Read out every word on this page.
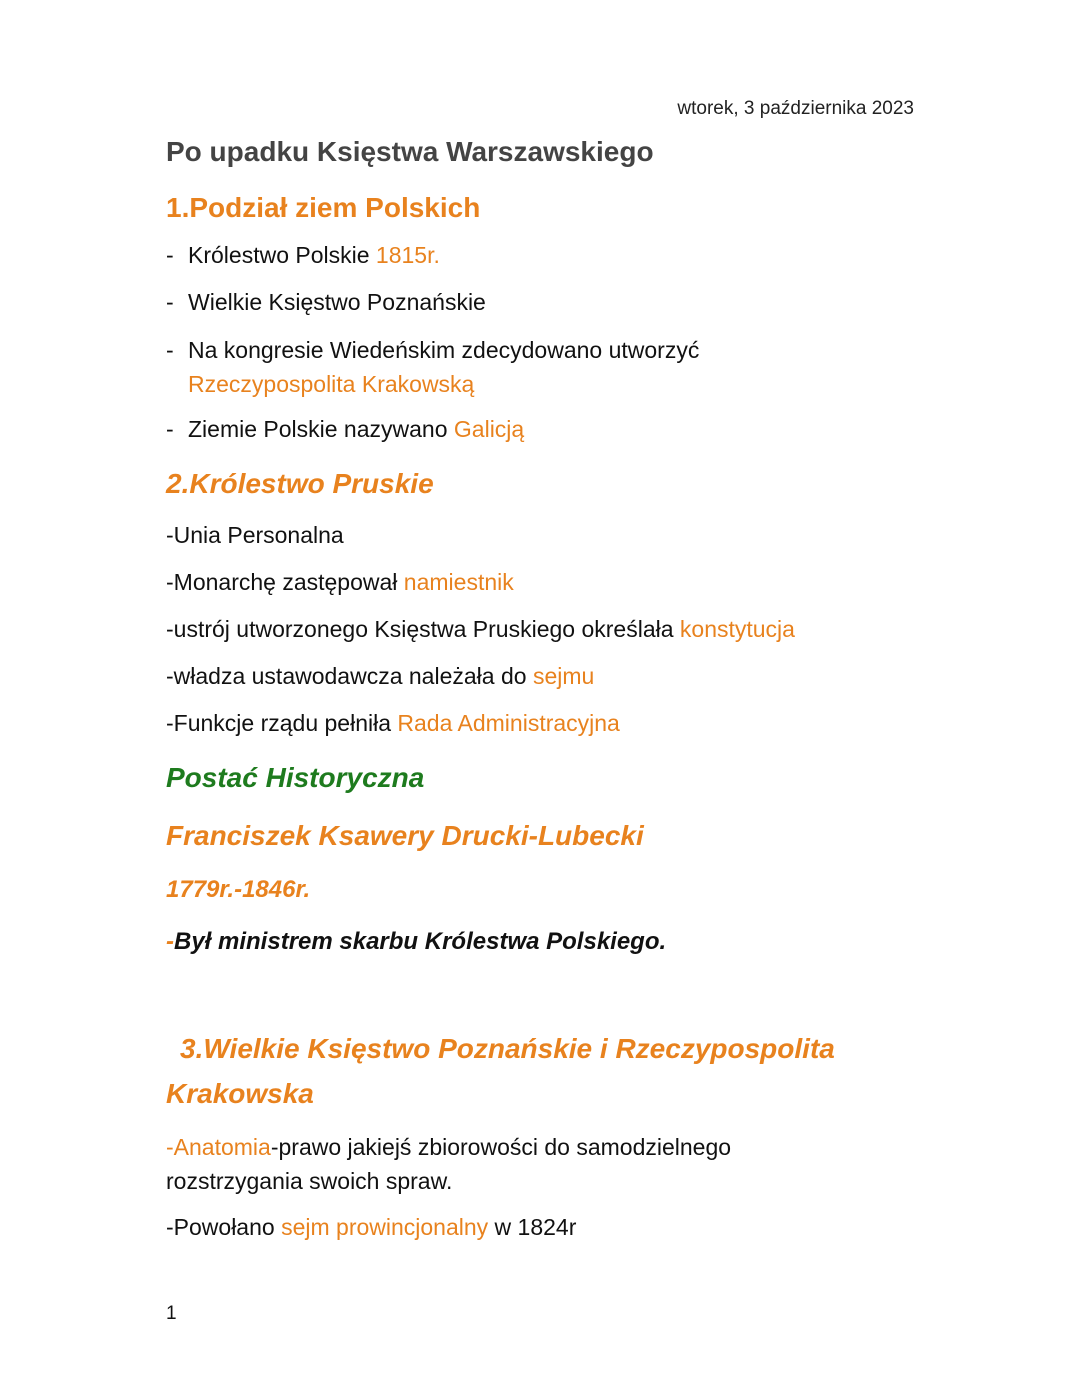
wtorek, 3 października 2023
Po upadku Księstwa Warszawskiego
1.Podział ziem Polskich
- Królestwo Polskie 1815r.
- Wielkie Księstwo Poznańskie
- Na kongresie Wiedeńskim zdecydowano utworzyć
Rzeczypospolita Krakowską
- Ziemie Polskie nazywano Galicją
2.Królestwo Pruskie
-Unia Personalna
-Monarchę zastępował namiestnik
-ustrój utworzonego Księstwa Pruskiego określała konstytucja
-władza ustawodawcza należała do sejmu
-Funkcje rządu pełniła Rada Administracyjna
Postać Historyczna
Franciszek Ksawery Drucki-Lubecki
1779r.-1846r.
-Był ministrem skarbu Królestwa Polskiego.
3.Wielkie Księstwo Poznańskie i Rzeczypospolita
Krakowska
-Anatomia-prawo jakiejś zbiorowości do samodzielnego
rozstrzygania swoich spraw.
-Powołano sejm prowincjonalny w 1824r
1
